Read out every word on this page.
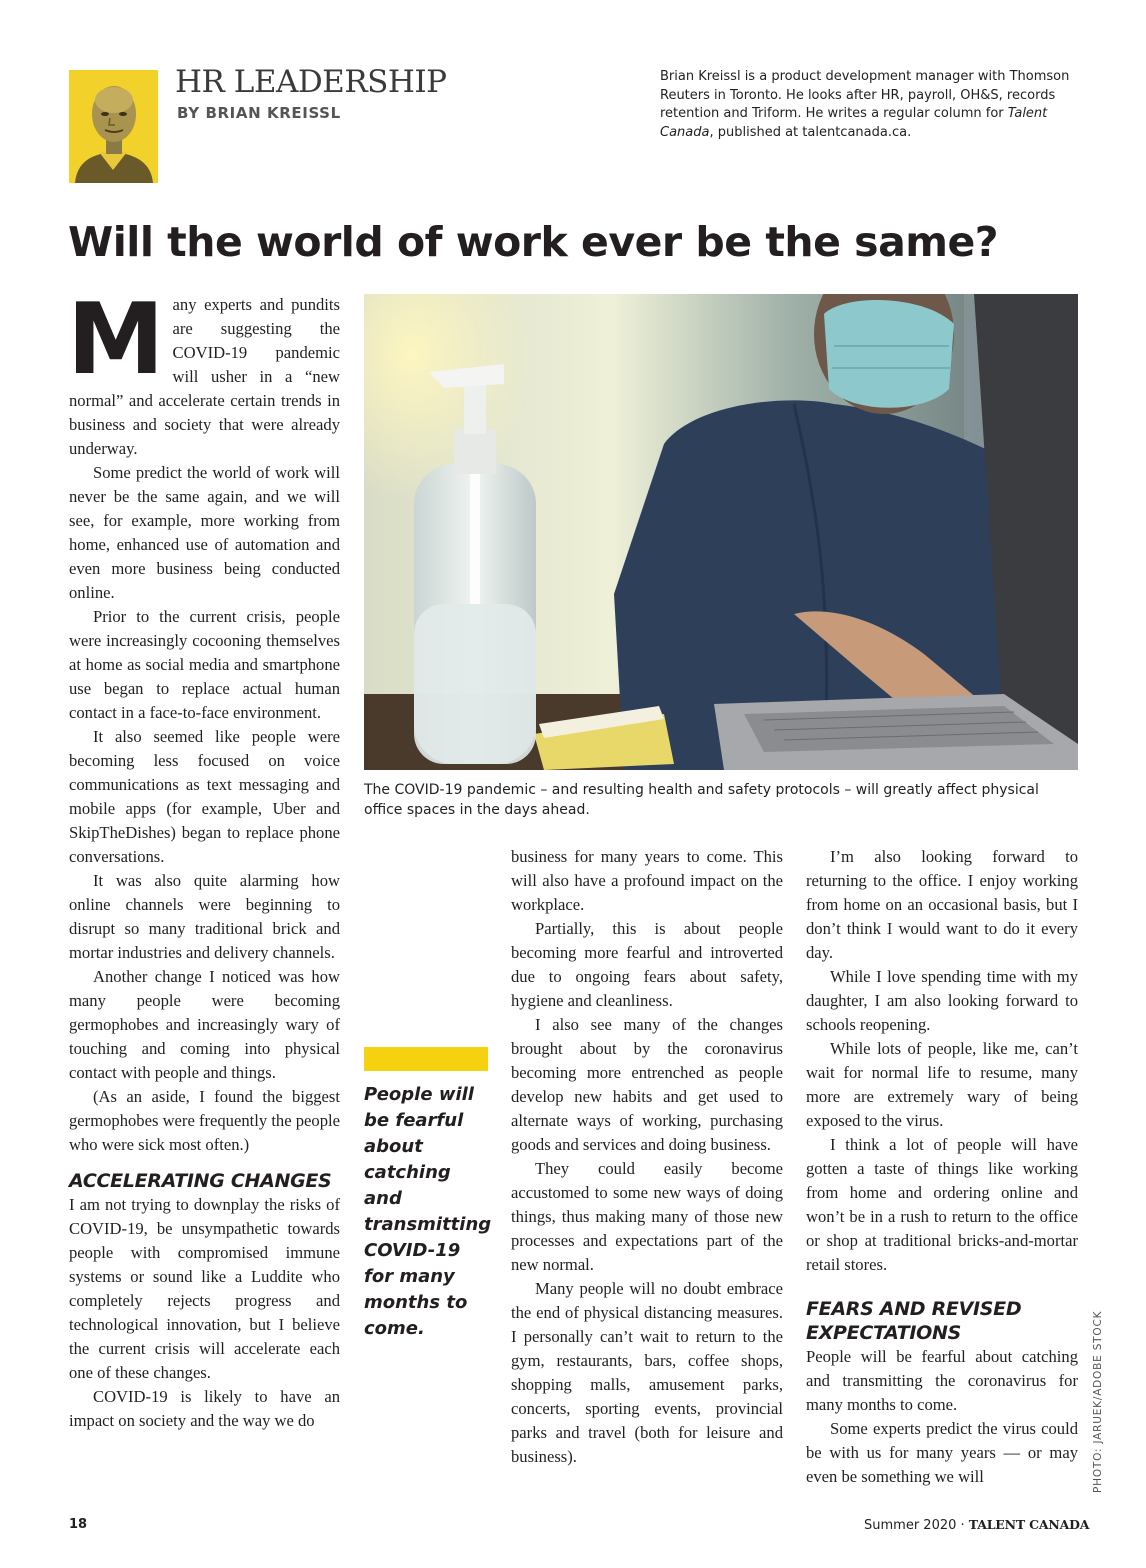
HR LEADERSHIP
BY BRIAN KREISSL
Brian Kreissl is a product development manager with Thomson Reuters in Toronto. He looks after HR, payroll, OH&S, records retention and Triform. He writes a regular column for Talent Canada, published at talentcanada.ca.
Will the world of work ever be the same?

Many experts and pundits are suggesting the COVID-19 pandemic will usher in a “new normal” and accelerate certain trends in business and society that were already underway.

Some predict the world of work will never be the same again, and we will see, for example, more working from home, enhanced use of automation and even more business being conducted online.

Prior to the current crisis, people were increasingly cocooning themselves at home as social media and smartphone use began to replace actual human contact in a face-to-face environment.

It also seemed like people were becoming less focused on voice communications as text messaging and mobile apps (for example, Uber and SkipTheDishes) began to replace phone conversations.

It was also quite alarming how online channels were beginning to disrupt so many traditional brick and mortar industries and delivery channels.

Another change I noticed was how many people were becoming germophobes and increasingly wary of touching and coming into physical contact with people and things.

(As an aside, I found the biggest germophobes were frequently the people who were sick most often.)

ACCELERATING CHANGES

I am not trying to downplay the risks of COVID-19, be unsympathetic towards people with compromised immune systems or sound like a Luddite who completely rejects progress and technological innovation, but I believe the current crisis will accelerate each one of these changes.

COVID-19 is likely to have an impact on society and the way we do

The COVID-19 pandemic – and resulting health and safety protocols – will greatly affect physical office spaces in the days ahead.
People will be fearful about catching and transmitting COVID-19 for many months to come.

business for many years to come. This will also have a profound impact on the workplace.

Partially, this is about people becoming more fearful and introverted due to ongoing fears about safety, hygiene and cleanliness.

I also see many of the changes brought about by the coronavirus becoming more entrenched as people develop new habits and get used to alternate ways of working, purchasing goods and services and doing business.

They could easily become accustomed to some new ways of doing things, thus making many of those new processes and expectations part of the new normal.

Many people will no doubt embrace the end of physical distancing measures. I personally can’t wait to return to the gym, restaurants, bars, coffee shops, shopping malls, amusement parks, concerts, sporting events, provincial parks and travel (both for leisure and business).

I’m also looking forward to returning to the office. I enjoy working from home on an occasional basis, but I don’t think I would want to do it every day.

While I love spending time with my daughter, I am also looking forward to schools reopening.

While lots of people, like me, can’t wait for normal life to resume, many more are extremely wary of being exposed to the virus.

I think a lot of people will have gotten a taste of things like working from home and ordering online and won’t be in a rush to return to the office or shop at traditional bricks-and-mortar retail stores.

FEARS AND REVISED EXPECTATIONS

People will be fearful about catching and transmitting the coronavirus for many months to come.

Some experts predict the virus could be with us for many years — or may even be something we will	PHOTO: JARUEK/ADOBE STOCK
18	Summer 2020 · TALENT CANADA
